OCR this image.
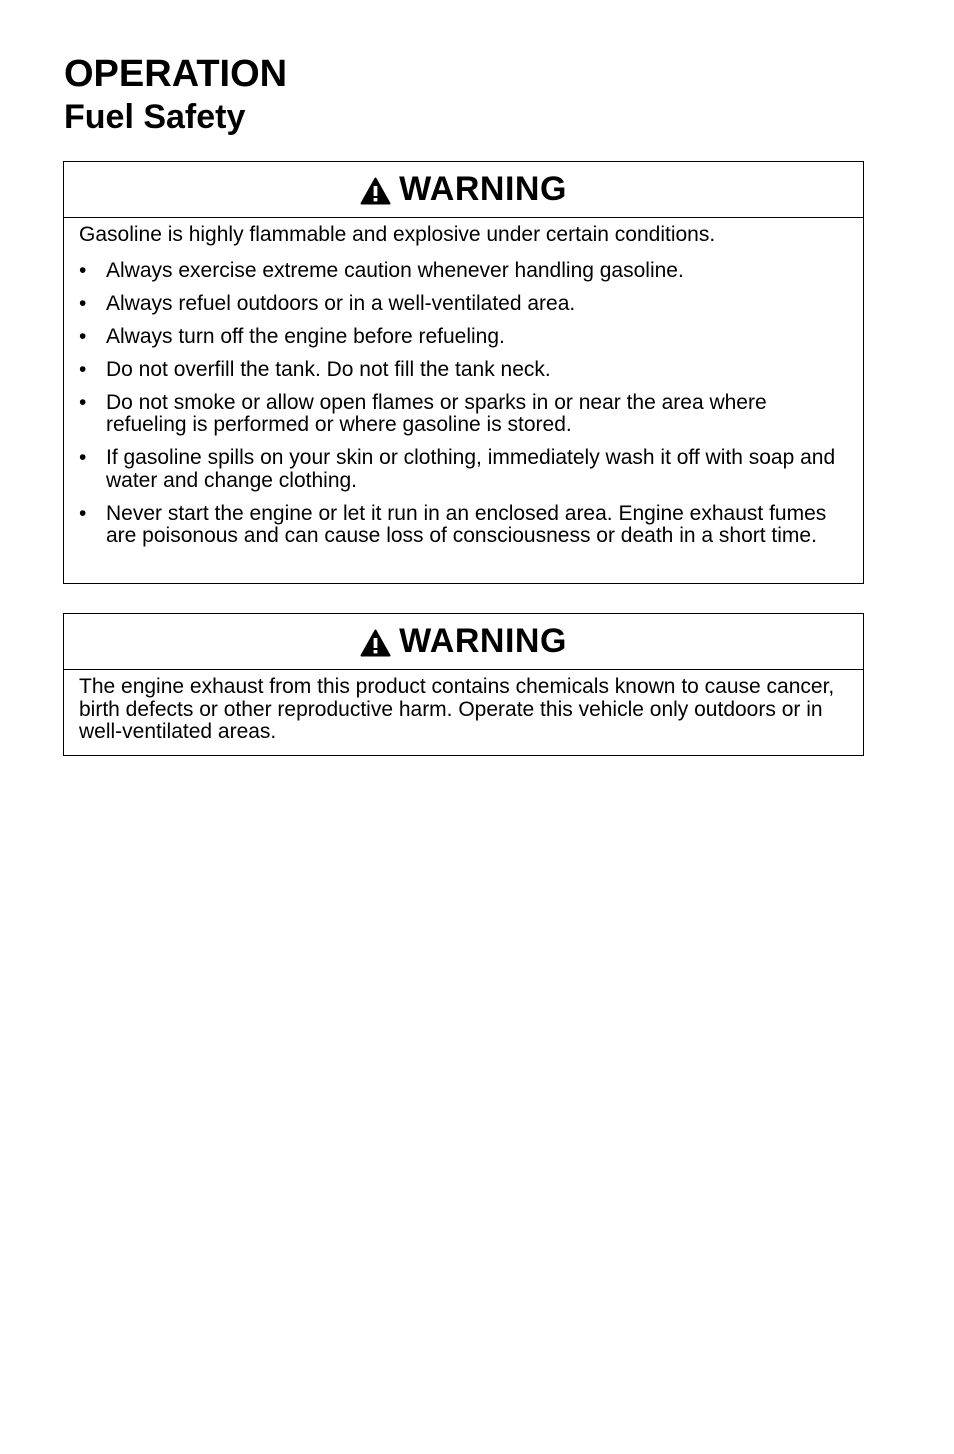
OPERATION
Fuel Safety
WARNING

Gasoline is highly flammable and explosive under certain conditions.

• Always exercise extreme caution whenever handling gasoline.
• Always refuel outdoors or in a well-ventilated area.
• Always turn off the engine before refueling.
• Do not overfill the tank. Do not fill the tank neck.
• Do not smoke or allow open flames or sparks in or near the area where refueling is performed or where gasoline is stored.
• If gasoline spills on your skin or clothing, immediately wash it off with soap and water and change clothing.
• Never start the engine or let it run in an enclosed area. Engine exhaust fumes are poisonous and can cause loss of consciousness or death in a short time.
WARNING

The engine exhaust from this product contains chemicals known to cause cancer, birth defects or other reproductive harm. Operate this vehicle only outdoors or in well-ventilated areas.
